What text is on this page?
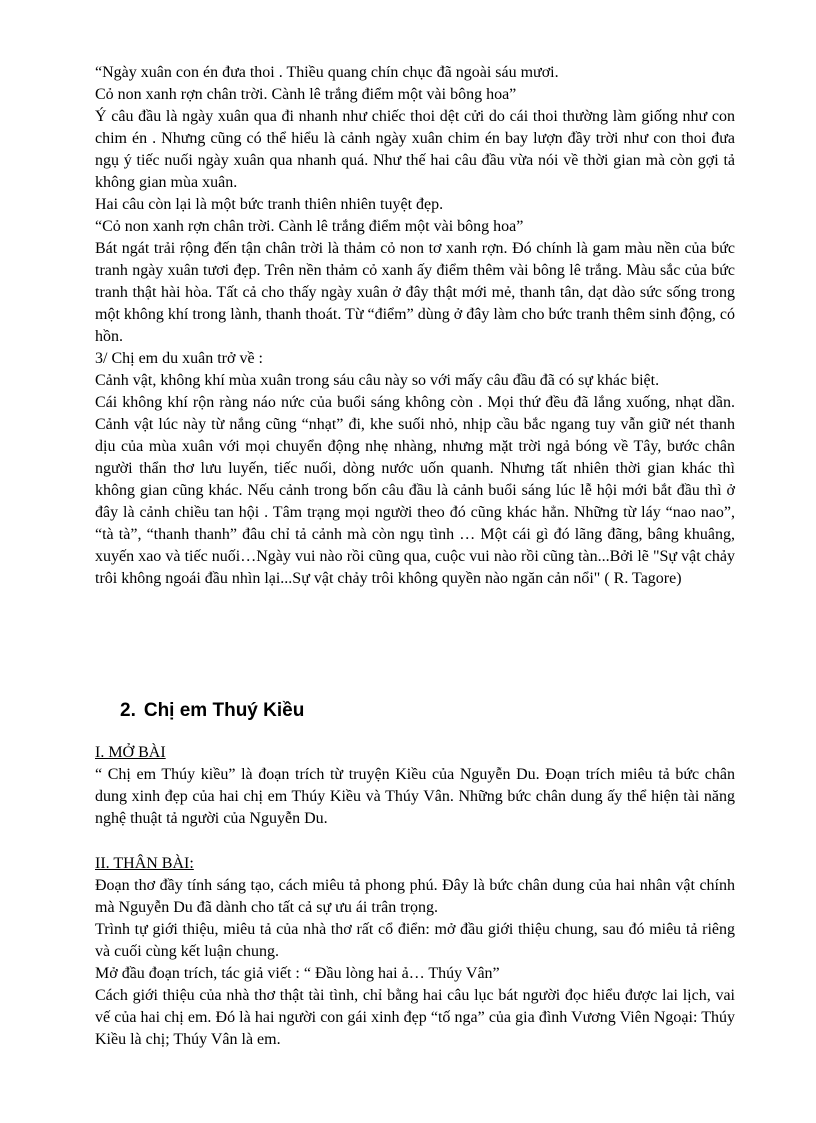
“Ngày xuân con én đưa thoi . Thiều quang chín chục đã ngoài sáu mươi.

Cỏ non xanh rợn chân trời. Cành lê trắng điểm một vài bông hoa”

Ý câu đầu là ngày xuân qua đi nhanh như chiếc thoi dệt cửi do cái thoi thường làm giống như con chim én . Nhưng cũng có thể hiểu là cảnh ngày xuân chim én bay lượn đầy trời như con thoi đưa ngụ ý tiếc nuối ngày xuân qua nhanh quá. Như thế hai câu đầu vừa nói về thời gian mà còn gợi tả không gian mùa xuân.

Hai câu còn lại là một bức tranh thiên nhiên tuyệt đẹp.

“Cỏ non xanh rợn chân trời. Cành lê trắng điểm một vài bông hoa”

Bát ngát trải rộng đến tận chân trời là thảm cỏ non tơ xanh rợn. Đó chính là gam màu nền của bức tranh ngày xuân tươi đẹp. Trên nền thảm cỏ xanh ấy điểm thêm vài bông lê trắng. Màu sắc của bức tranh thật hài hòa. Tất cả cho thấy ngày xuân ở đây thật mới mẻ, thanh tân, dạt dào sức sống trong một không khí trong lành, thanh thoát. Từ “điểm” dùng ở đây làm cho bức tranh thêm sinh động, có hồn.

3/ Chị em du xuân trở về :

Cảnh vật, không khí mùa xuân trong sáu câu này so với mấy câu đầu đã có sự khác biệt.

Cái không khí rộn ràng náo nức của buổi sáng không còn . Mọi thứ đều đã lắng xuống, nhạt dần. Cảnh vật lúc này từ nắng cũng “nhạt” đi, khe suối nhỏ, nhịp cầu bắc ngang tuy vẫn giữ nét thanh dịu của mùa xuân với mọi chuyển động nhẹ nhàng, nhưng mặt trời ngả bóng về Tây, bước chân người thẩn thơ lưu luyến, tiếc nuối, dòng nước uốn quanh. Nhưng tất nhiên thời gian khác thì không gian cũng khác. Nếu cảnh trong bốn câu đầu là cảnh buổi sáng lúc lễ hội mới bắt đầu thì ở đây là cảnh chiều tan hội . Tâm trạng mọi người theo đó cũng khác hẳn. Những từ láy “nao nao”, “tà tà”, “thanh thanh” đâu chỉ tả cảnh mà còn ngụ tình … Một cái gì đó lãng đãng, bâng khuâng, xuyến xao và tiếc nuối…Ngày vui nào rồi cũng qua, cuộc vui nào rồi cũng tàn...Bởi lẽ "Sự vật chảy trôi không ngoái đầu nhìn lại...Sự vật chảy trôi không quyền nào ngăn cản nổi" ( R. Tagore)

2. Chị em Thuý Kiều

I. MỞ BÀI

“ Chị em Thúy kiều” là đoạn trích từ truyện Kiều của Nguyễn Du. Đoạn trích miêu tả bức chân dung xinh đẹp của hai chị em Thúy Kiều và Thúy Vân. Những bức chân dung ấy thể hiện tài năng nghệ thuật tả người của Nguyễn Du.

II. THÂN BÀI:

Đoạn thơ đầy tính sáng tạo, cách miêu tả phong phú. Đây là bức chân dung của hai nhân vật chính mà Nguyễn Du đã dành cho tất cả sự ưu ái trân trọng.

Trình tự giới thiệu, miêu tả của nhà thơ rất cổ điển: mở đầu giới thiệu chung, sau đó miêu tả riêng và cuối cùng kết luận chung.

Mở đầu đoạn trích, tác giả viết : “ Đầu lòng hai ả… Thúy Vân”

Cách giới thiệu của nhà thơ thật tài tình, chỉ bằng hai câu lục bát người đọc hiểu được lai lịch, vai vế của hai chị em. Đó là hai người con gái xinh đẹp “tố nga” của gia đình Vương Viên Ngoại: Thúy Kiều là chị; Thúy Vân là em.
